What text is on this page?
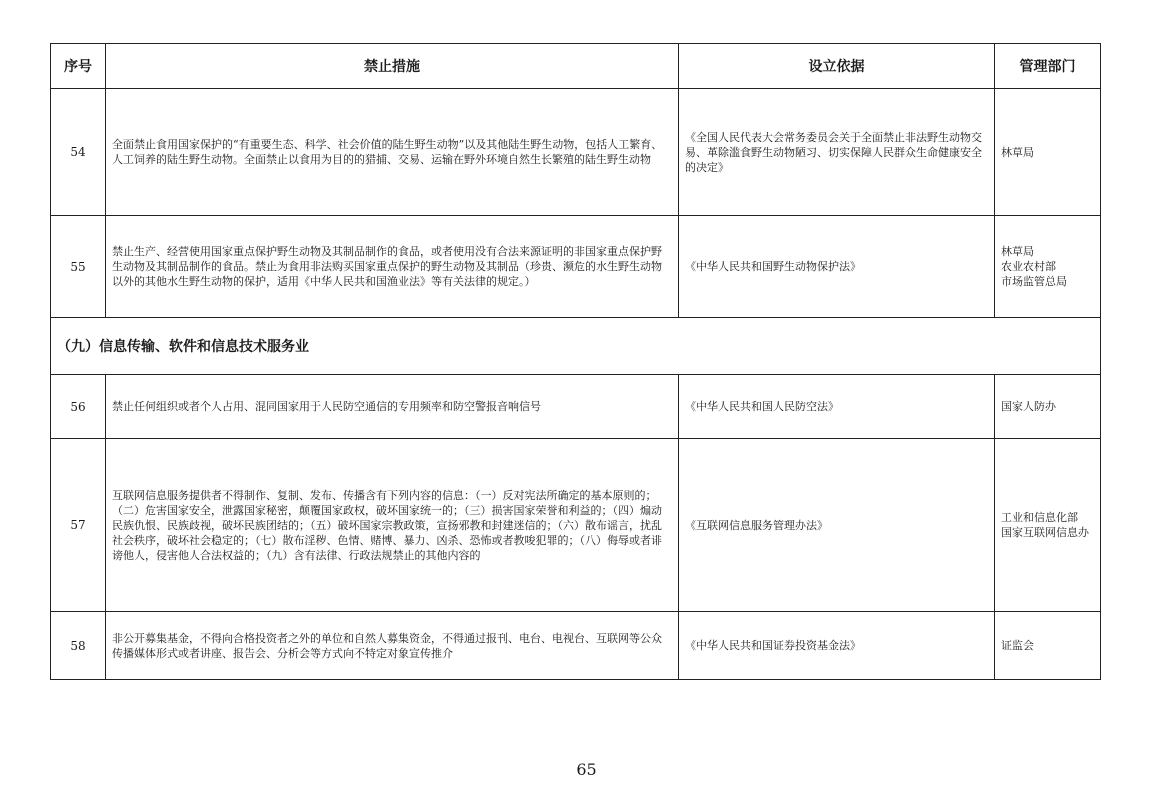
序号	禁止措施	设立依据	管理部门
54	全面禁止食用国家保护的“有重要生态、科学、社会价值的陆生野生动物”以及其他陆生野生动物，包括人工繁育、人工饲养的陆生野生动物。全面禁止以食用为目的的猎捕、交易、运输在野外环境自然生长繁殖的陆生野生动物	《全国人民代表大会常务委员会关于全面禁止非法野生动物交易、革除滥食野生动物陋习、切实保障人民群众生命健康安全的决定》	林草局
55	禁止生产、经营使用国家重点保护野生动物及其制品制作的食品，或者使用没有合法来源证明的非国家重点保护野生动物及其制品制作的食品。禁止为食用非法购买国家重点保护的野生动物及其制品（珍贵、濒危的水生野生动物以外的其他水生野生动物的保护，适用《中华人民共和国渔业法》等有关法律的规定。）	《中华人民共和国野生动物保护法》	林草局
农业农村部
市场监管总局
（九）信息传输、软件和信息技术服务业			
56	禁止任何组织或者个人占用、混同国家用于人民防空通信的专用频率和防空警报音响信号	《中华人民共和国人民防空法》	国家人防办
57	互联网信息服务提供者不得制作、复制、发布、传播含有下列内容的信息：（一）反对宪法所确定的基本原则的；（二）危害国家安全，泄露国家秘密，颠覆国家政权，破坏国家统一的；（三）损害国家荣誉和利益的；（四）煽动民族仇恨、民族歧视，破坏民族团结的；（五）破坏国家宗教政策，宣扬邪教和封建迷信的；（六）散布谣言，扰乱社会秩序，破坏社会稳定的；（七）散布淫秽、色情、赌博、暴力、凶杀、恐怖或者教唆犯罪的；（八）侮辱或者诽谤他人，侵害他人合法权益的；（九）含有法律、行政法规禁止的其他内容的	《互联网信息服务管理办法》	工业和信息化部
国家互联网信息办
58	非公开募集基金，不得向合格投资者之外的单位和自然人募集资金，不得通过报刊、电台、电视台、互联网等公众传播媒体形式或者讲座、报告会、分析会等方式向不特定对象宣传推介	《中华人民共和国证券投资基金法》	证监会
65
